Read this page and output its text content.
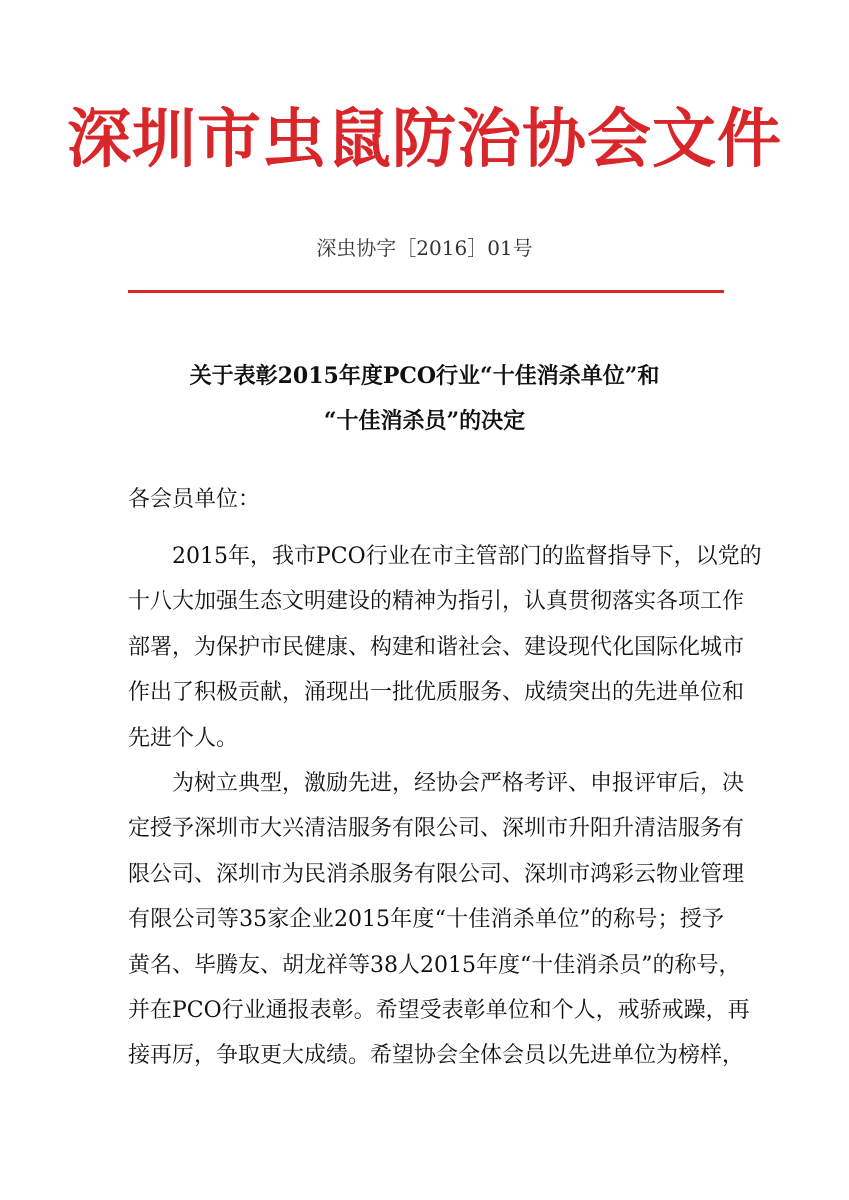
深圳市虫鼠防治协会文件
深虫协字［2016］01号
关于表彰2015年度PCO行业“十佳消杀单位”和
“十佳消杀员”的决定
各会员单位：
2015年，我市PCO行业在市主管部门的监督指导下，以党的
十八大加强生态文明建设的精神为指引，认真贯彻落实各项工作
部署，为保护市民健康、构建和谐社会、建设现代化国际化城市
作出了积极贡献，涌现出一批优质服务、成绩突出的先进单位和
先进个人。
为树立典型，激励先进，经协会严格考评、申报评审后，决
定授予深圳市大兴清洁服务有限公司、深圳市升阳升清洁服务有
限公司、深圳市为民消杀服务有限公司、深圳市鸿彩云物业管理
有限公司等35家企业2015年度“十佳消杀单位”的称号；授予
黄名、毕腾友、胡龙祥等38人2015年度“十佳消杀员”的称号，
并在PCO行业通报表彰。希望受表彰单位和个人，戒骄戒躁，再
接再厉，争取更大成绩。希望协会全体会员以先进单位为榜样，
